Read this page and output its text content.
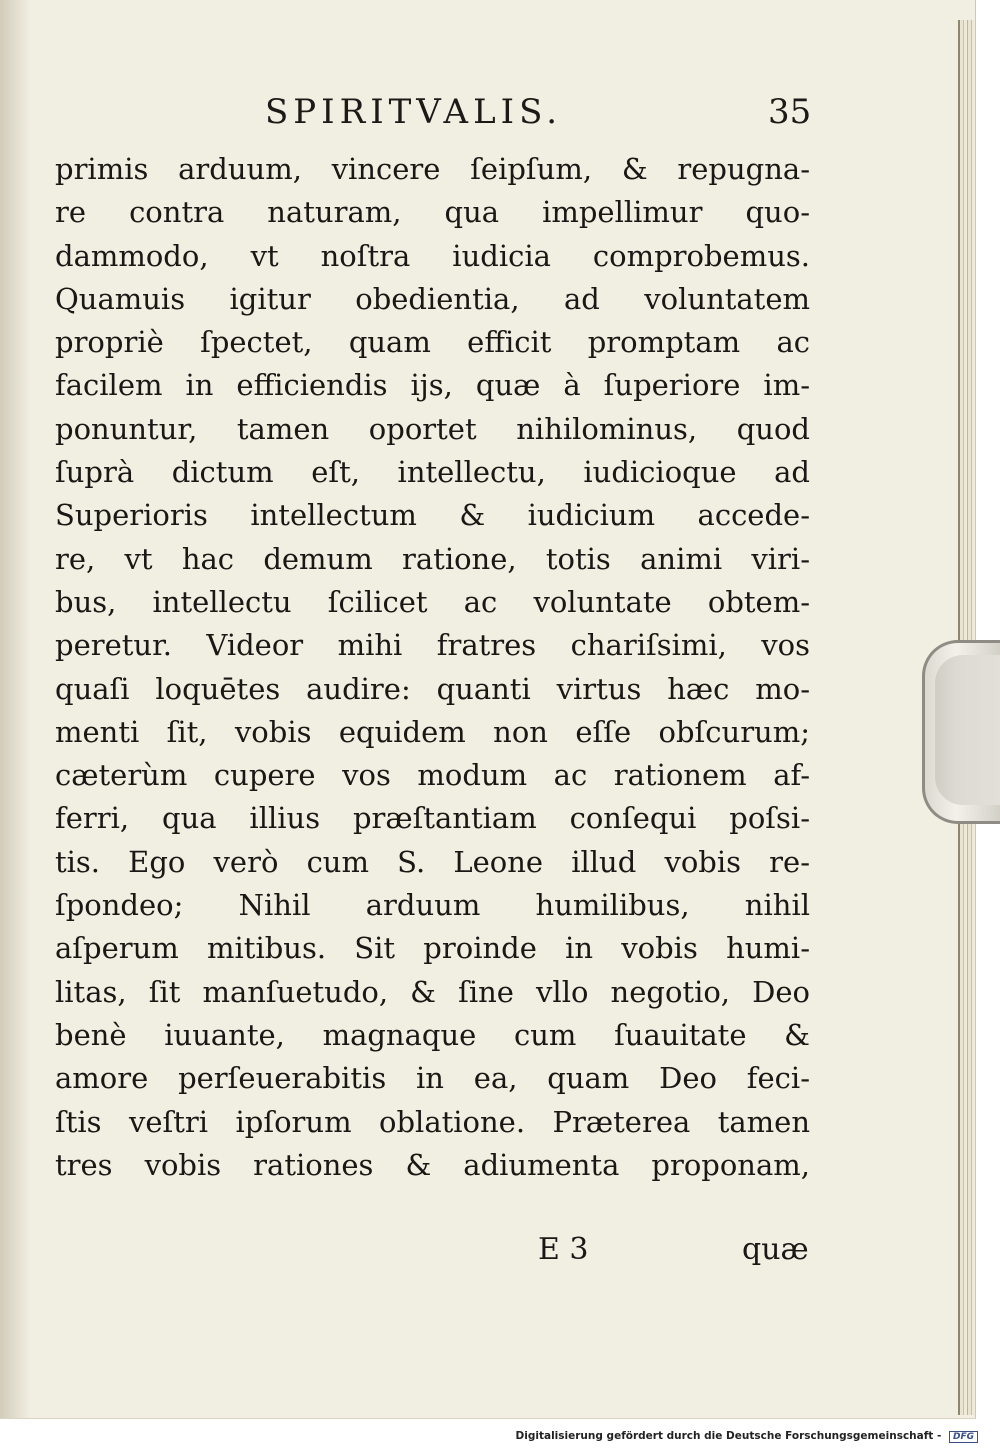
SPIRITVALIS.	35
primis arduum, vincere ſeipſum, & repugna-
re contra naturam, qua impellimur quo-
dammodo, vt noſtra iudicia comprobemus.
Quamuis igitur obedientia, ad voluntatem
propriè ſpectet, quam efficit promptam ac
facilem in efficiendis ijs, quæ à ſuperiore im-
ponuntur, tamen oportet nihilominus, quod
ſuprà dictum eſt, intellectu, iudicioque ad
Superioris intellectum & iudicium accede-
re, vt hac demum ratione, totis animi viri-
bus, intellectu ſcilicet ac voluntate obtem-
peretur. Videor mihi fratres chariſsimi, vos
quaſi loquētes audire: quanti virtus hæc mo-
menti ſit, vobis equidem non eſſe obſcurum;
cæterùm cupere vos modum ac rationem af-
ferri, qua illius præſtantiam conſequi poſsi-
tis. Ego verò cum S. Leone illud vobis re-
ſpondeo; Nihil arduum humilibus, nihil
aſperum mitibus. Sit proinde in vobis humi-
litas, ſit manſuetudo, & ſine vllo negotio, Deo
benè iuuante, magnaque cum ſuauitate &
amore perſeuerabitis in ea, quam Deo feci-
ſtis veſtri ipſorum oblatione. Præterea tamen
tres vobis rationes & adiumenta proponam,
E 3	quæ
Digitalisierung gefördert durch die Deutsche Forschungsgemeinschaft - DFG
